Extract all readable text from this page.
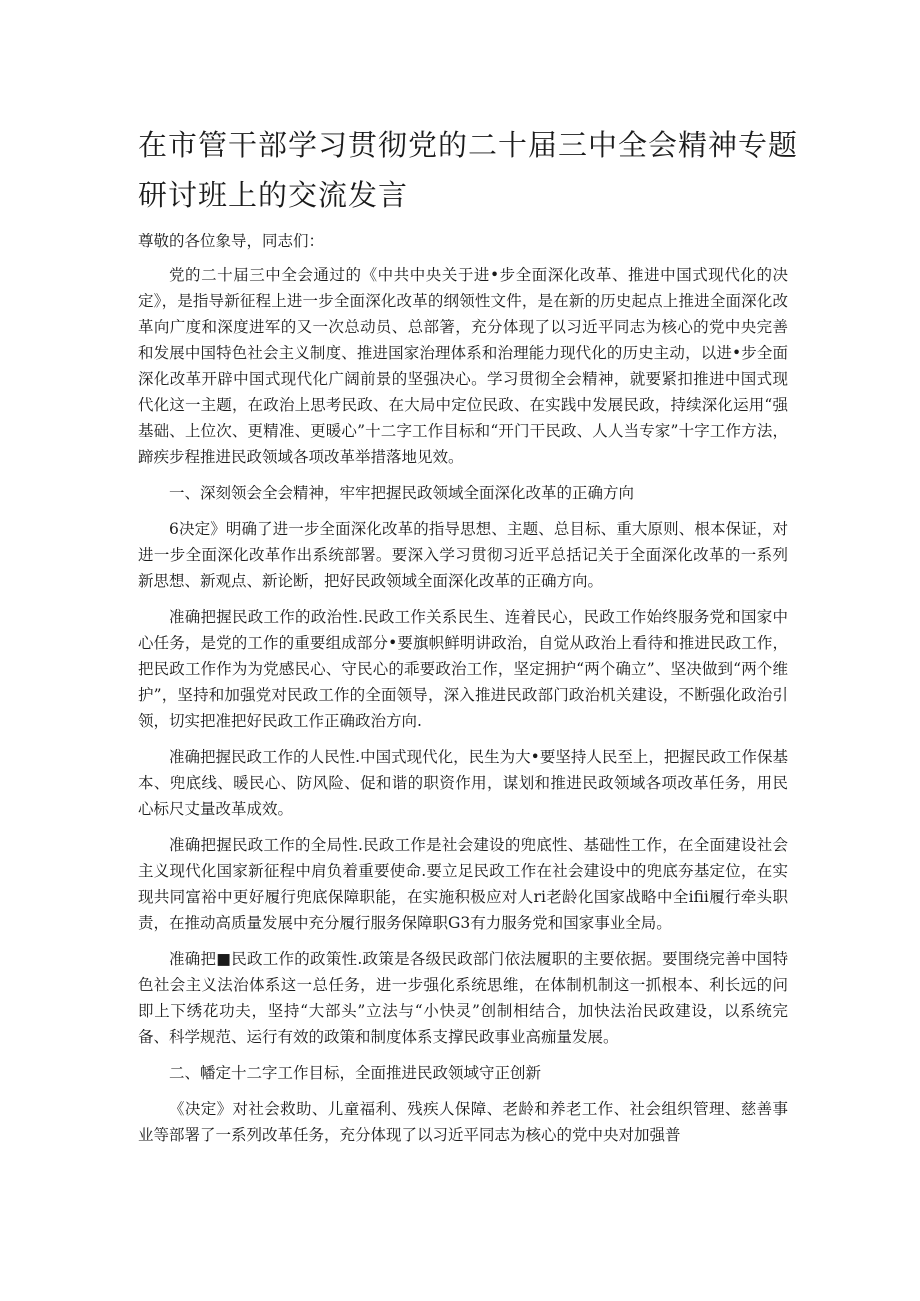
在市管干部学习贯彻党的二十届三中全会精神专题研讨班上的交流发言

尊敬的各位象导，同志们：

党的二十届三中全会通过的《中共中央关于进•步全面深化改革、推进中国式现代化的决定》，是指导新征程上进一步全面深化改革的纲领性文件，是在新的历史起点上推进全面深化改革向广度和深度进军的又一次总动员、总部箸，充分体现了以习近平同志为核心的党中央完善和发展中国特色社会主义制度、推进国家治理体系和治理能力现代化的历史主动，以进•步全面深化改革开辟中国式现代化广阔前景的坚强决心。学习贯彻全会精神，就要紧扣推进中国式现代化这一主题，在政治上思考民政、在大局中定位民政、在实践中发展民政，持续深化运用“强基础、上位次、更精准、更暖心”十二字工作目标和“开门干民政、人人当专家”十字工作方法，蹄疾步程推进民政领域各项改革举措落地见效。

一、深刻领会全会精神，牢牢把握民政领域全面深化改革的正确方向

6决定》明确了进一步全面深化改革的指导思想、主题、总目标、重大原则、根本保证，对进一步全面深化改革作出系统部署。要深入学习贯彻习近平总括记关于全面深化改革的一系列新思想、新观点、新论断，把好民政领域全面深化改革的正确方向。

准确把握民政工作的政治性.民政工作关系民生、连着民心，民政工作始终服务党和国家中心任务，是党的工作的重要组成部分•要旗帜鲜明讲政治，自觉从政治上看待和推进民政工作，把民政工作作为为党感民心、守民心的乖要政治工作，坚定拥护“两个确立”、坚决做到“两个维护”，坚持和加强党对民政工作的全面领导，深入推进民政部门政治机关建设，不断强化政治引领，切实把准把好民政工作正确政治方向.

准确把握民政工作的人民性.中国式现代化，民生为大•要坚持人民至上，把握民政工作保基本、兜底线、暖民心、防风险、促和谐的职资作用，谋划和推进民政领域各项改革任务，用民心标尺丈量改革成效。

准确把握民政工作的全局性.民政工作是社会建设的兜底性、基础性工作，在全面建设社会主义现代化国家新征程中肩负着重要使命.要立足民政工作在社会建设中的兜底夯基定位，在实现共同富裕中更好履行兜底保障职能，在实施积极应对人ri老龄化国家战略中全ifii履行牵头职责，在推动高质量发展中充分履行服务保障职G3有力服务党和国家事业全局。

准确把■民政工作的政策性.政策是各级民政部门依法履职的主要依据。要围绕完善中国特色社会主义法治体系这一总任务，进一步强化系统思维，在体制机制这一抓根本、利长远的问即上下绣花功夫，坚持“大部头”立法与“小快灵”创制相结合，加快法治民政建设，以系统完备、科学规范、运行有效的政策和制度体系支撑民政事业高痂量发展。

二、幡定十二字工作目标，全面推进民政领域守正创新

《决定》对社会救助、儿童福利、残疾人保障、老龄和养老工作、社会组织管理、慈善事业等部署了一系列改革任务，充分体现了以习近平同志为核心的党中央对加强普
